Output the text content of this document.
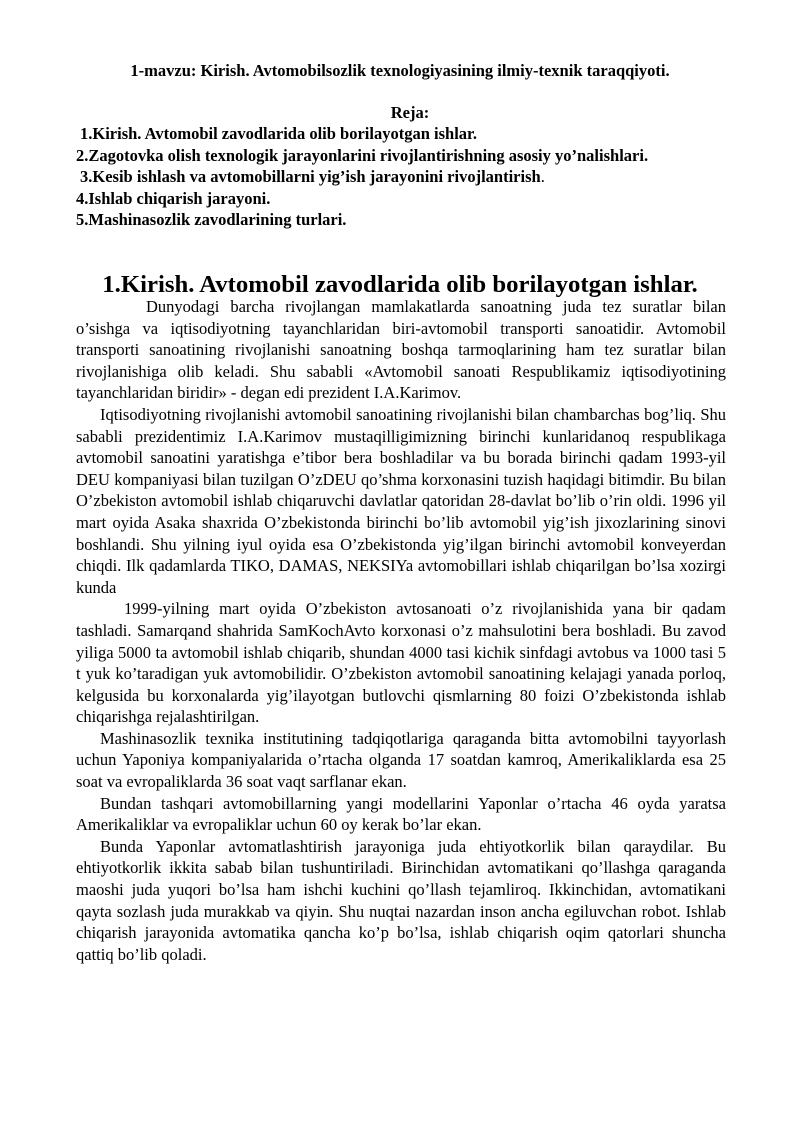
1-mavzu: Kirish. Avtomobilsozlik texnologiyasining ilmiy-texnik taraqqiyoti.
Reja:
1.Kirish. Avtomobil zavodlarida olib borilayotgan ishlar.
2.Zagotovka olish texnologik jarayonlarini rivojlantirishning asosiy yo’nalishlari.
3.Kesib ishlash va avtomobillarni yig’ish jarayonini rivojlantirish.
4.Ishlab chiqarish jarayoni.
5.Mashinasozlik zavodlarining turlari.
1.Kirish. Avtomobil zavodlarida olib borilayotgan ishlar.

Dunyodagi barcha rivojlangan mamlakatlarda sanoatning juda tez suratlar bilan o’sishga va iqtisodiyotning tayanchlaridan biri-avtomobil transporti sanoatidir. Avtomobil transporti sanoatining rivojlanishi sanoatning boshqa tarmoqlarining ham tez suratlar bilan rivojlanishiga olib keladi. Shu sababli «Avtomobil sanoati Respublikamiz iqtisodiyotining tayanchlaridan biridir» - degan edi prezident I.A.Karimov.

Iqtisodiyotning rivojlanishi avtomobil sanoatining rivojlanishi bilan chambarchas bog’liq. Shu sababli prezidentimiz I.A.Karimov mustaqilligimizning birinchi kunlaridanoq respublikaga avtomobil sanoatini yaratishga e’tibor bera boshladilar va bu borada birinchi qadam 1993-yil DEU kompaniyasi bilan tuzilgan O’zDEU qo’shma korxonasini tuzish haqidagi bitimdir. Bu bilan O’zbekiston avtomobil ishlab chiqaruvchi davlatlar qatoridan 28-davlat bo’lib o’rin oldi. 1996 yil mart oyida Asaka shaxrida O’zbekistonda birinchi bo’lib avtomobil yig’ish jixozlarining sinovi boshlandi. Shu yilning iyul oyida esa O’zbekistonda yig’ilgan birinchi avtomobil konveyerdan chiqdi. Ilk qadamlarda TIKO, DAMAS, NEKSIYa avtomobillari ishlab chiqarilgan bo’lsa xozirgi kunda

1999-yilning mart oyida O’zbekiston avtosanoati o’z rivojlanishida yana bir qadam tashladi. Samarqand shahrida SamKochAvto korxonasi o’z mahsulotini bera boshladi. Bu zavod yiliga 5000 ta avtomobil ishlab chiqarib, shundan 4000 tasi kichik sinfdagi avtobus va 1000 tasi 5 t yuk ko’taradigan yuk avtomobilidir. O’zbekiston avtomobil sanoatining kelajagi yanada porloq, kelgusida bu korxonalarda yig’ilayotgan butlovchi qismlarning 80 foizi O’zbekistonda ishlab chiqarishga rejalashtirilgan.

Mashinasozlik texnika institutining tadqiqotlariga qaraganda bitta avtomobilni tayyorlash uchun Yaponiya kompaniyalarida o’rtacha olganda 17 soatdan kamroq, Amerikaliklarda esa 25 soat va evropaliklarda 36 soat vaqt sarflanar ekan.

Bundan tashqari avtomobillarning yangi modellarini Yaponlar o’rtacha 46 oyda yaratsa Amerikaliklar va evropaliklar uchun 60 oy kerak bo’lar ekan.

Bunda Yaponlar avtomatlashtirish jarayoniga juda ehtiyotkorlik bilan qaraydilar. Bu ehtiyotkorlik ikkita sabab bilan tushuntiriladi. Birinchidan avtomatikani qo’llashga qaraganda maoshi juda yuqori bo’lsa ham ishchi kuchini qo’llash tejamliroq. Ikkinchidan, avtomatikani qayta sozlash juda murakkab va qiyin. Shu nuqtai nazardan inson ancha egiluvchan robot. Ishlab chiqarish jarayonida avtomatika qancha ko’p bo’lsa, ishlab chiqarish oqim qatorlari shuncha qattiq bo’lib qoladi.
